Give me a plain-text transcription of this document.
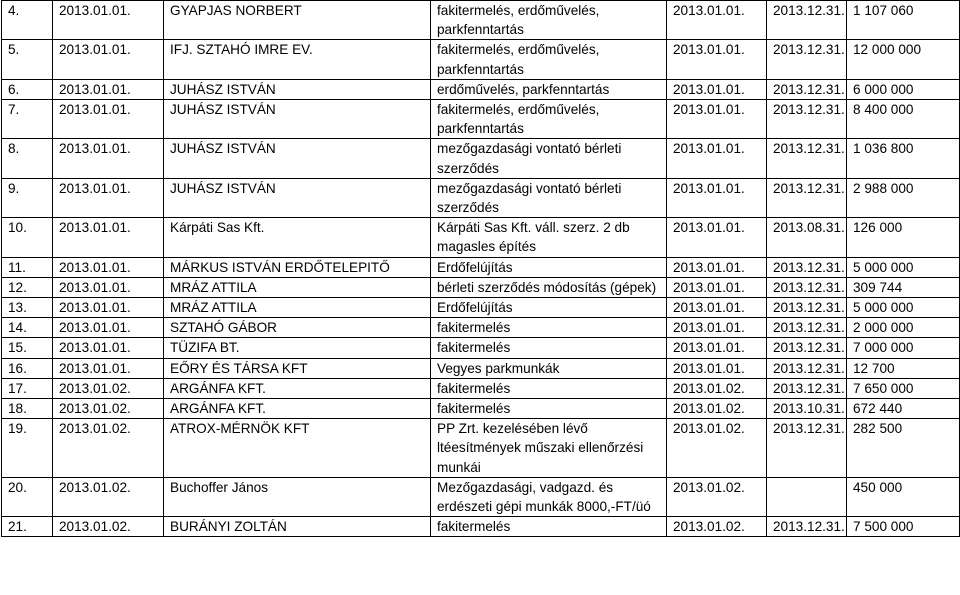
4.	2013.01.01.	GYAPJAS NORBERT	fakitermelés, erdőművelés, parkfenntartás	2013.01.01.	2013.12.31.	1 107 060
5.	2013.01.01.	IFJ. SZTAHÓ IMRE EV.	fakitermelés, erdőművelés, parkfenntartás	2013.01.01.	2013.12.31.	12 000 000
6.	2013.01.01.	JUHÁSZ ISTVÁN	erdőművelés, parkfenntartás	2013.01.01.	2013.12.31.	6 000 000
7.	2013.01.01.	JUHÁSZ ISTVÁN	fakitermelés, erdőművelés, parkfenntartás	2013.01.01.	2013.12.31.	8 400 000
8.	2013.01.01.	JUHÁSZ ISTVÁN	mezőgazdasági vontató bérleti szerződés	2013.01.01.	2013.12.31.	1 036 800
9.	2013.01.01.	JUHÁSZ ISTVÁN	mezőgazdasági vontató bérleti szerződés	2013.01.01.	2013.12.31.	2 988 000
10.	2013.01.01.	Kárpáti Sas Kft.	Kárpáti Sas Kft. váll. szerz. 2 db magasles építés	2013.01.01.	2013.08.31.	126 000
11.	2013.01.01.	MÁRKUS ISTVÁN ERDŐTELEPITŐ	Erdőfelújítás	2013.01.01.	2013.12.31.	5 000 000
12.	2013.01.01.	MRÁZ ATTILA	bérleti szerződés módosítás (gépek)	2013.01.01.	2013.12.31.	309 744
13.	2013.01.01.	MRÁZ ATTILA	Erdőfelújítás	2013.01.01.	2013.12.31.	5 000 000
14.	2013.01.01.	SZTAHÓ GÁBOR	fakitermelés	2013.01.01.	2013.12.31.	2 000 000
15.	2013.01.01.	TÜZIFA BT.	fakitermelés	2013.01.01.	2013.12.31.	7 000 000
16.	2013.01.01.	EŐRY ÉS TÁRSA KFT	Vegyes parkmunkák	2013.01.01.	2013.12.31.	12 700
17.	2013.01.02.	ARGÁNFA KFT.	fakitermelés	2013.01.02.	2013.12.31.	7 650 000
18.	2013.01.02.	ARGÁNFA KFT.	fakitermelés	2013.01.02.	2013.10.31.	672 440
19.	2013.01.02.	ATROX-MÉRNÖK KFT	PP Zrt. kezelésében lévő ltéesítmények műszaki ellenőrzési munkái	2013.01.02.	2013.12.31.	282 500
20.	2013.01.02.	Buchoffer János	Mezőgazdasági, vadgazd. és erdészeti gépi munkák 8000,-FT/üó	2013.01.02.		450 000
21.	2013.01.02.	BURÁNYI ZOLTÁN	fakitermelés	2013.01.02.	2013.12.31.	7 500 000
